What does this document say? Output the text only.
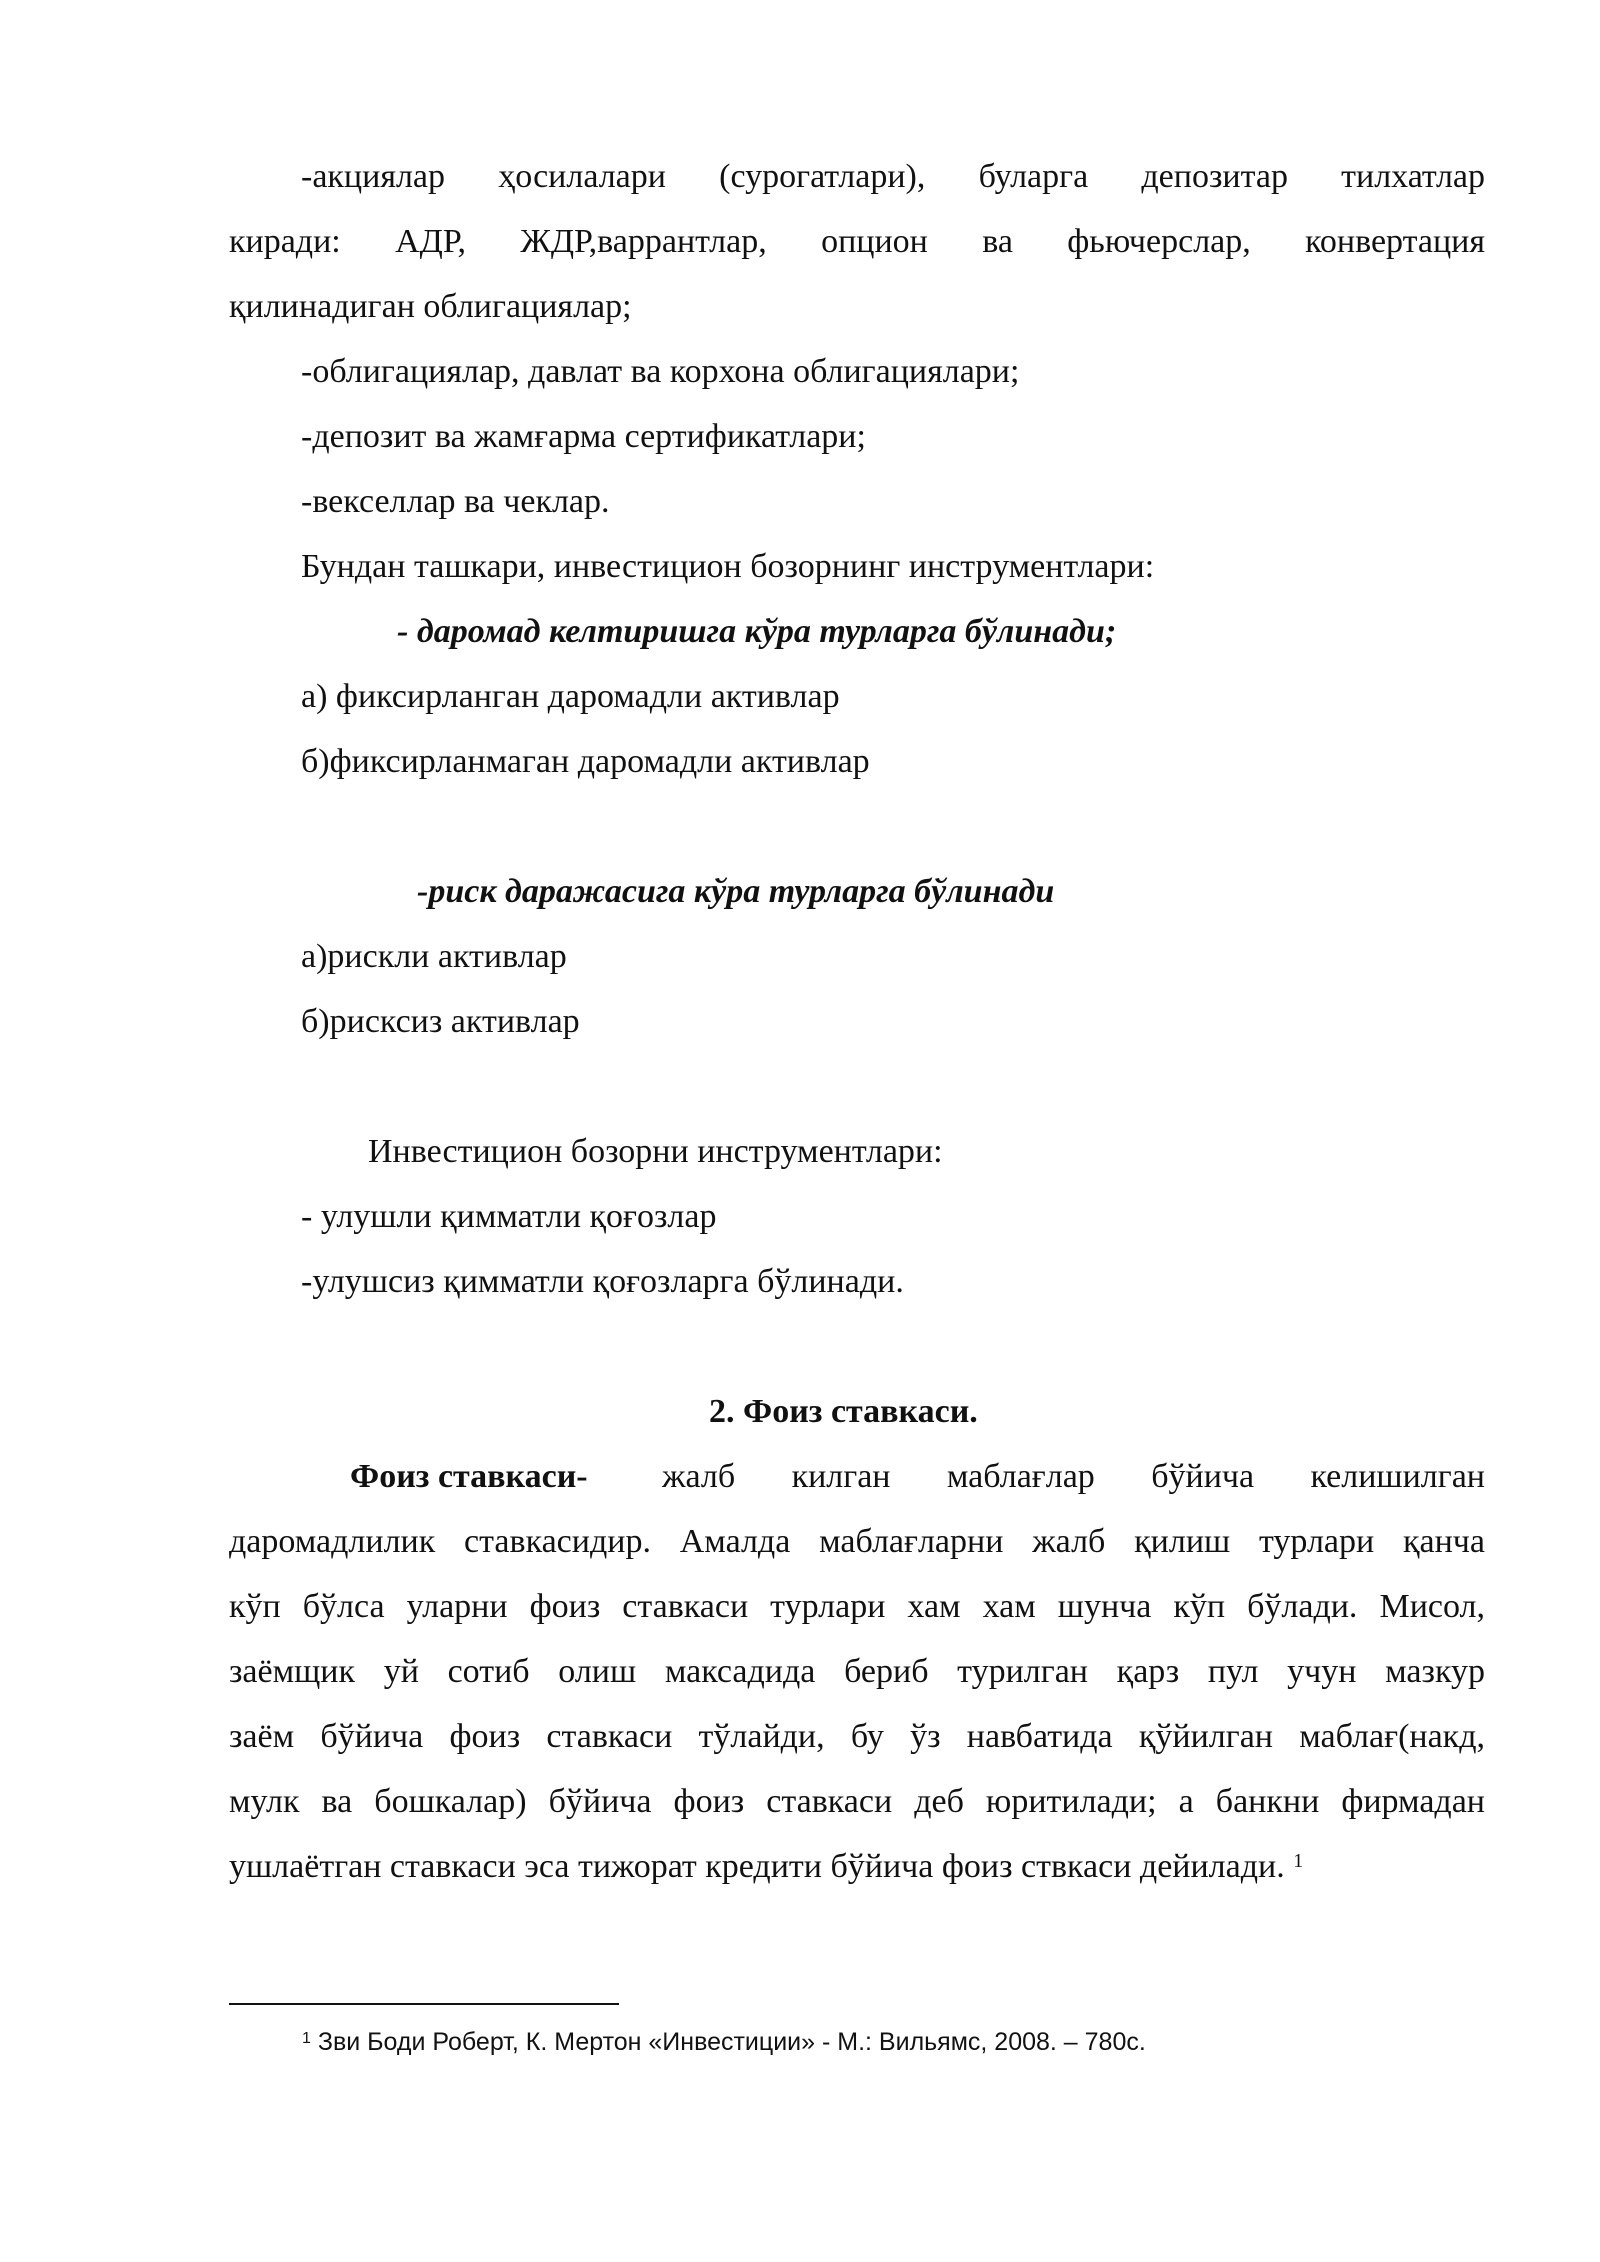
-акциялар ҳосилалари (сурогатлари), буларга депозитар тилхатлар
киради: АДР, ЖДР,варрантлар, опцион ва фьючерслар, конвертация
қилинадиган облигациялар;
-облигациялар, давлат ва корхона облигациялари;
-депозит ва жамғарма сертификатлари;
-векселлар ва чеклар.
Бундан ташкари, инвестицион бозорнинг инструментлари:
- даромад келтиришга кўра турларга бўлинади;
а) фиксирланган даромадли активлар
б)фиксирланмаган даромадли активлар
-риск даражасига кўра турларга бўлинади
а)рискли активлар
б)рисксиз активлар
Инвестицион бозорни инструментлари:
- улушли қимматли қоғозлар
-улушсиз қимматли қоғозларга бўлинади.
2. Фоиз ставкаси.
Фоиз ставкаси- жалб килган маблағлар бўйича келишилган
даромадлилик ставкасидир. Амалда маблағларни жалб қилиш турлари қанча
кўп бўлса уларни фоиз ставкаси турлари хам хам шунча кўп бўлади. Мисол,
заёмщик уй сотиб олиш максадида бериб турилган қарз пул учун мазкур
заём бўйича фоиз ставкаси тўлайди, бу ўз навбатида қўйилган маблағ(накд,
мулк ва бошкалар) бўйича фоиз ставкаси деб юритилади; а банкни фирмадан
ушлаётган ставкаси эса тижорат кредити бўйича фоиз ствкаси дейилади. $^1$
$^1$ Зви Боди Роберт, К. Мертон «Инвестиции» - М.: Вильямс, 2008. – 780с.
